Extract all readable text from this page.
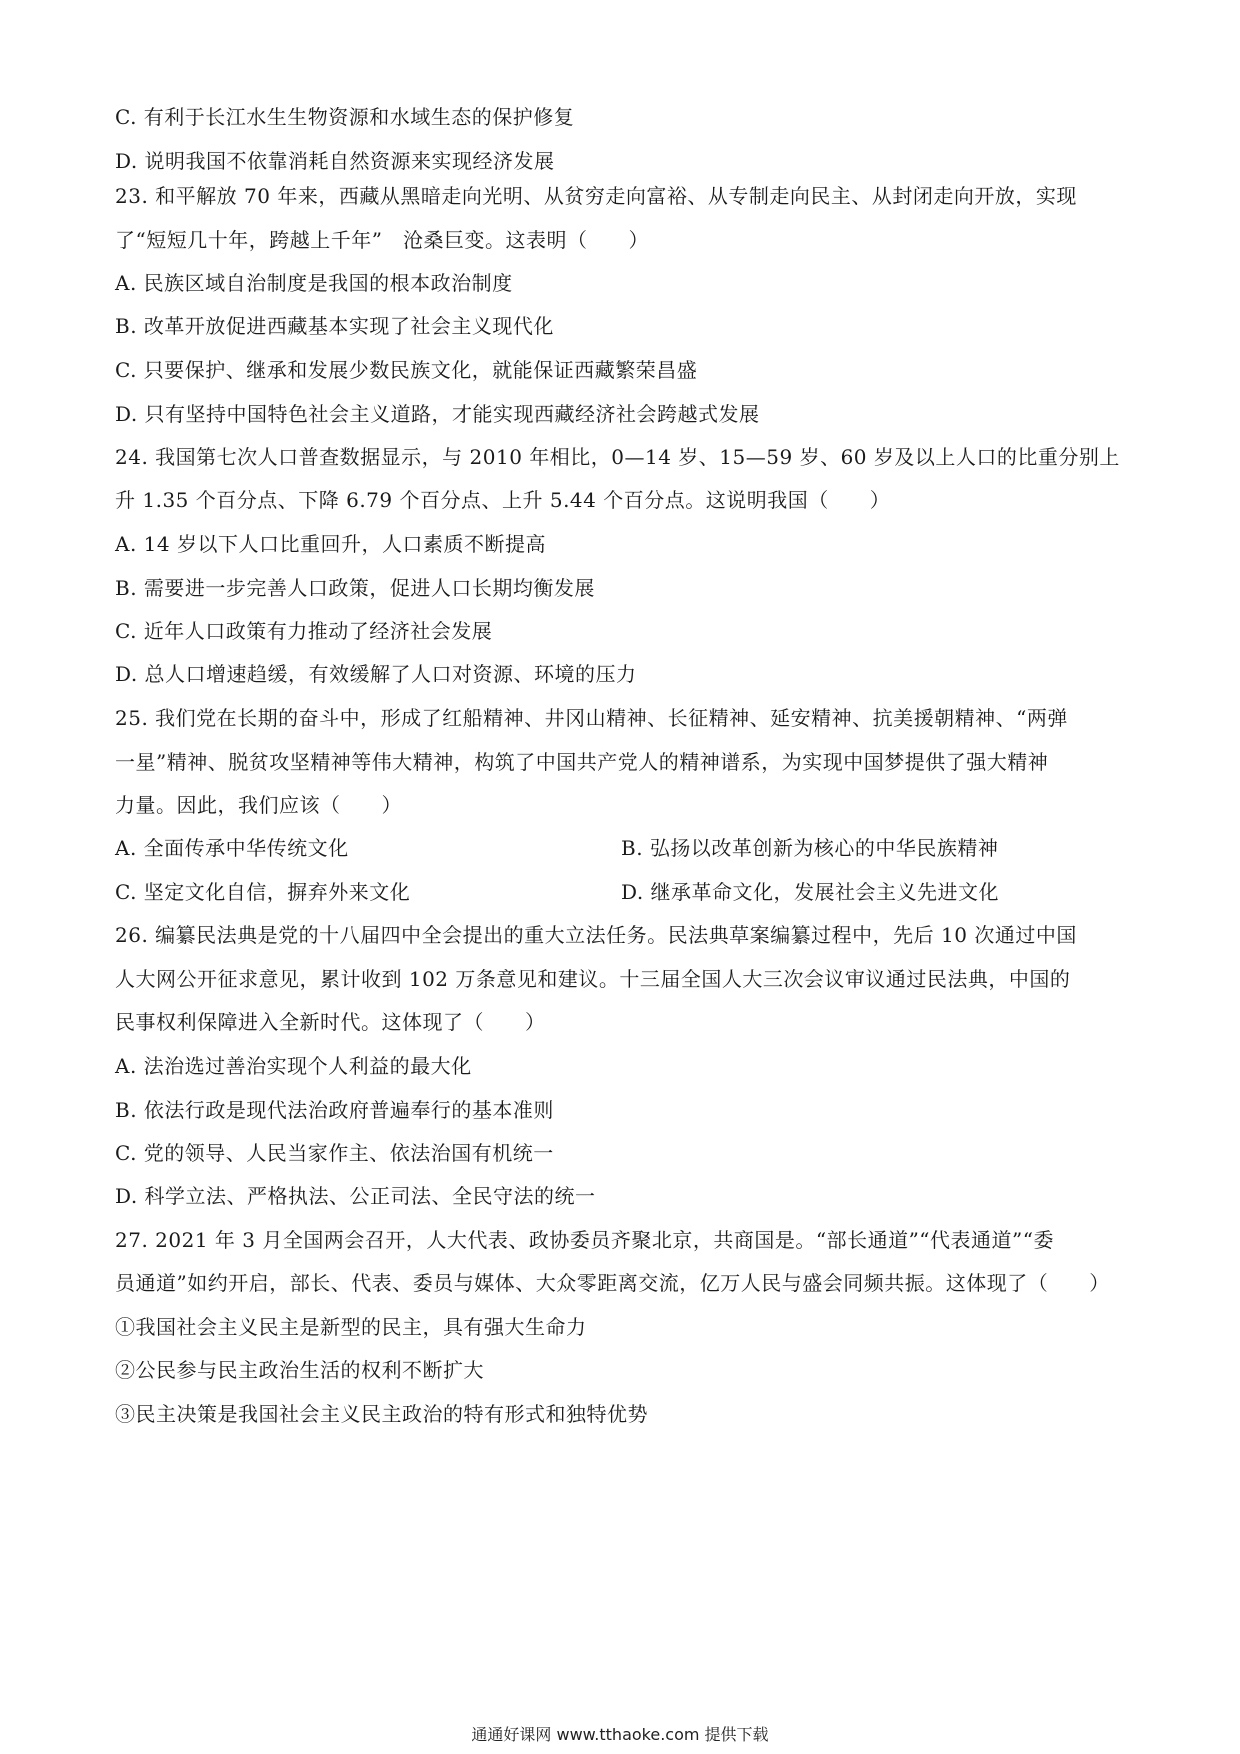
C. 有利于长江水生生物资源和水域生态的保护修复
D. 说明我国不依靠消耗自然资源来实现经济发展
23. 和平解放 70 年来，西藏从黑暗走向光明、从贫穷走向富裕、从专制走向民主、从封闭走向开放，实现
了“短短几十年，跨越上千年”　沧桑巨变。这表明（　　）
A. 民族区域自治制度是我国的根本政治制度
B. 改革开放促进西藏基本实现了社会主义现代化
C. 只要保护、继承和发展少数民族文化，就能保证西藏繁荣昌盛
D. 只有坚持中国特色社会主义道路，才能实现西藏经济社会跨越式发展
24. 我国第七次人口普查数据显示，与 2010 年相比，0—14 岁、15—59 岁、60 岁及以上人口的比重分别上
升 1.35 个百分点、下降 6.79 个百分点、上升 5.44 个百分点。这说明我国（　　）
A. 14 岁以下人口比重回升，人口素质不断提高
B. 需要进一步完善人口政策，促进人口长期均衡发展
C. 近年人口政策有力推动了经济社会发展
D. 总人口增速趋缓，有效缓解了人口对资源、环境的压力
25. 我们党在长期的奋斗中，形成了红船精神、井冈山精神、长征精神、延安精神、抗美援朝精神、“两弹
一星”精神、脱贫攻坚精神等伟大精神，构筑了中国共产党人的精神谱系，为实现中国梦提供了强大精神
力量。因此，我们应该（　　）
A. 全面传承中华传统文化	B. 弘扬以改革创新为核心的中华民族精神
C. 坚定文化自信，摒弃外来文化	D. 继承革命文化，发展社会主义先进文化
26. 编纂民法典是党的十八届四中全会提出的重大立法任务。民法典草案编纂过程中，先后 10 次通过中国
人大网公开征求意见，累计收到 102 万条意见和建议。十三届全国人大三次会议审议通过民法典，中国的
民事权利保障进入全新时代。这体现了（　　）
A. 法治选过善治实现个人利益的最大化
B. 依法行政是现代法治政府普遍奉行的基本准则
C. 党的领导、人民当家作主、依法治国有机统一
D. 科学立法、严格执法、公正司法、全民守法的统一
27. 2021 年 3 月全国两会召开，人大代表、政协委员齐聚北京，共商国是。“部长通道”“代表通道”“委
员通道”如约开启，部长、代表、委员与媒体、大众零距离交流，亿万人民与盛会同频共振。这体现了（　　）
①我国社会主义民主是新型的民主，具有强大生命力
②公民参与民主政治生活的权利不断扩大
③民主决策是我国社会主义民主政治的特有形式和独特优势
通通好课网 www.tthaoke.com 提供下载
